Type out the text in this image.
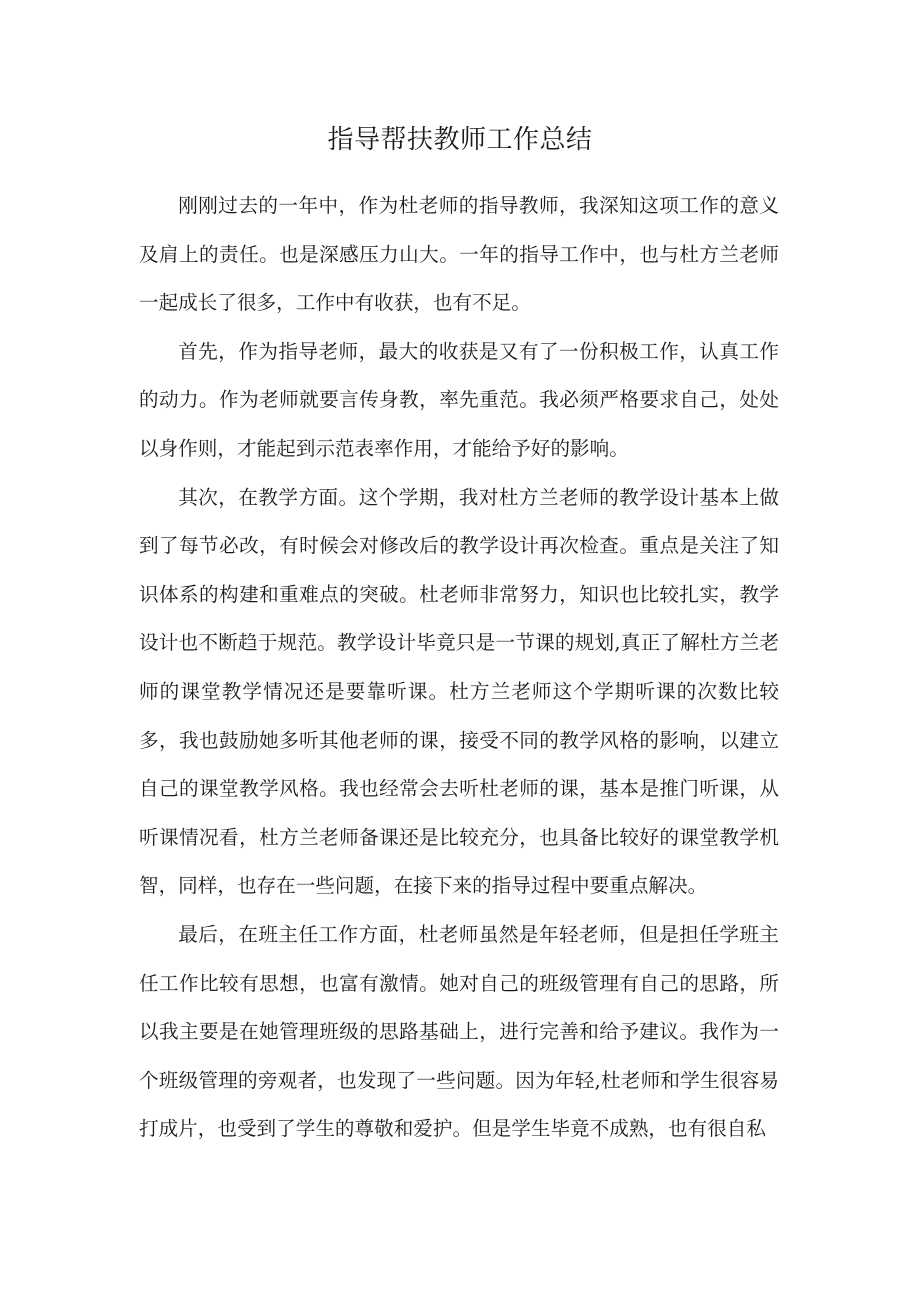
指导帮扶教师工作总结

刚刚过去的一年中，作为杜老师的指导教师，我深知这项工作的意义及肩上的责任。也是深感压力山大。一年的指导工作中，也与杜方兰老师一起成长了很多，工作中有收获，也有不足。

首先，作为指导老师，最大的收获是又有了一份积极工作，认真工作的动力。作为老师就要言传身教，率先重范。我必须严格要求自己，处处以身作则，才能起到示范表率作用，才能给予好的影响。

其次，在教学方面。这个学期，我对杜方兰老师的教学设计基本上做到了每节必改，有时候会对修改后的教学设计再次检查。重点是关注了知识体系的构建和重难点的突破。杜老师非常努力，知识也比较扎实，教学设计也不断趋于规范。教学设计毕竟只是一节课的规划,真正了解杜方兰老师的课堂教学情况还是要靠听课。杜方兰老师这个学期听课的次数比较多，我也鼓励她多听其他老师的课，接受不同的教学风格的影响，以建立自己的课堂教学风格。我也经常会去听杜老师的课，基本是推门听课，从听课情况看，杜方兰老师备课还是比较充分，也具备比较好的课堂教学机智，同样，也存在一些问题，在接下来的指导过程中要重点解决。

最后，在班主任工作方面，杜老师虽然是年轻老师，但是担任学班主任工作比较有思想，也富有激情。她对自己的班级管理有自己的思路，所以我主要是在她管理班级的思路基础上，进行完善和给予建议。我作为一个班级管理的旁观者，也发现了一些问题。因为年轻,杜老师和学生很容易打成片，也受到了学生的尊敬和爱护。但是学生毕竟不成熟，也有很自私
